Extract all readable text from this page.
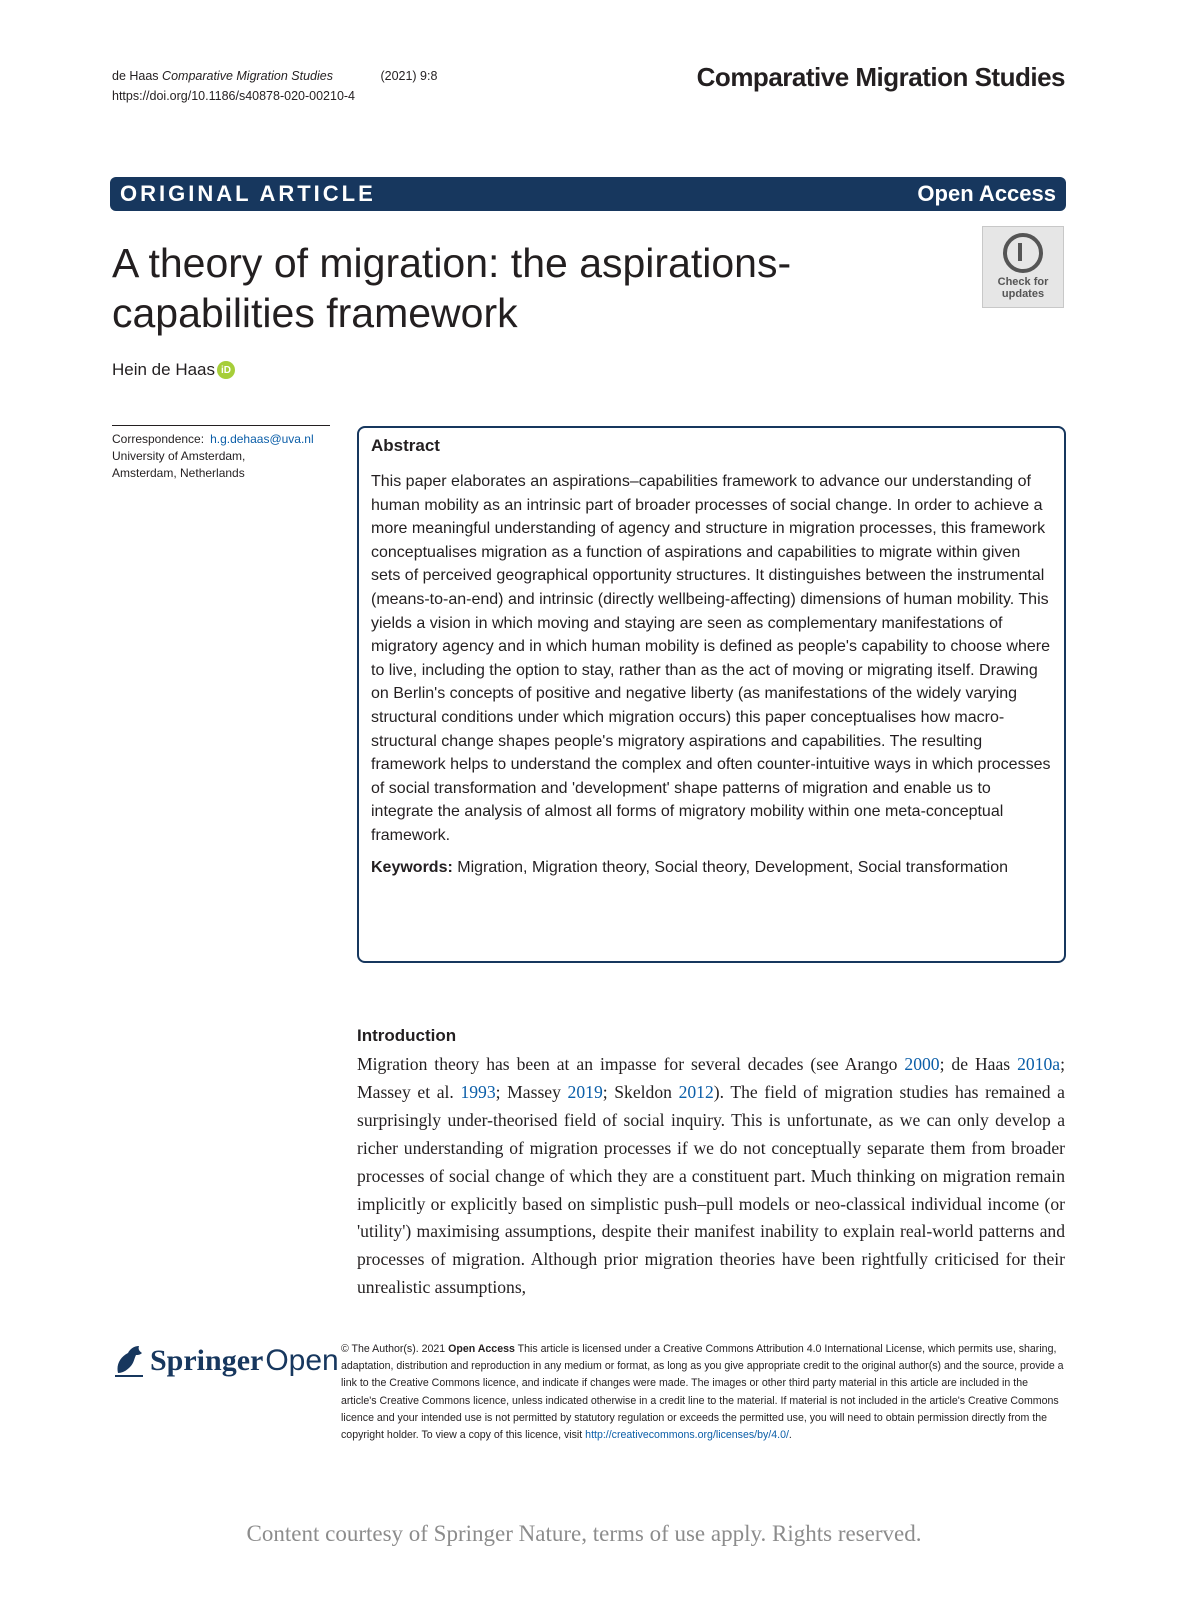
de Haas Comparative Migration Studies	(2021) 9:8
https://doi.org/10.1186/s40878-020-00210-4
Comparative Migration Studies
ORIGINAL ARTICLE	Open Access
A theory of migration: the aspirations-capabilities framework
Check for updates
Hein de Haas iD
Correspondence: h.g.dehaas@uva.nl
University of Amsterdam,
Amsterdam, Netherlands
Abstract

This paper elaborates an aspirations–capabilities framework to advance our understanding of human mobility as an intrinsic part of broader processes of social change. In order to achieve a more meaningful understanding of agency and structure in migration processes, this framework conceptualises migration as a function of aspirations and capabilities to migrate within given sets of perceived geographical opportunity structures. It distinguishes between the instrumental (means-to-an-end) and intrinsic (directly wellbeing-affecting) dimensions of human mobility. This yields a vision in which moving and staying are seen as complementary manifestations of migratory agency and in which human mobility is defined as people's capability to choose where to live, including the option to stay, rather than as the act of moving or migrating itself. Drawing on Berlin's concepts of positive and negative liberty (as manifestations of the widely varying structural conditions under which migration occurs) this paper conceptualises how macro-structural change shapes people's migratory aspirations and capabilities. The resulting framework helps to understand the complex and often counter-intuitive ways in which processes of social transformation and 'development' shape patterns of migration and enable us to integrate the analysis of almost all forms of migratory mobility within one meta-conceptual framework.

Keywords: Migration, Migration theory, Social theory, Development, Social transformation

Introduction

Migration theory has been at an impasse for several decades (see Arango 2000; de Haas 2010a; Massey et al. 1993; Massey 2019; Skeldon 2012). The field of migration studies has remained a surprisingly under-theorised field of social inquiry. This is unfortunate, as we can only develop a richer understanding of migration processes if we do not conceptually separate them from broader processes of social change of which they are a constituent part. Much thinking on migration remain implicitly or explicitly based on simplistic push–pull models or neo-classical individual income (or 'utility') maximising assumptions, despite their manifest inability to explain real-world patterns and processes of migration. Although prior migration theories have been rightfully criticised for their unrealistic assumptions,

Springer Open © The Author(s). 2021 Open Access This article is licensed under a Creative Commons Attribution 4.0 International License, which permits use, sharing, adaptation, distribution and reproduction in any medium or format, as long as you give appropriate credit to the original author(s) and the source, provide a link to the Creative Commons licence, and indicate if changes were made. The images or other third party material in this article are included in the article's Creative Commons licence, unless indicated otherwise in a credit line to the material. If material is not included in the article's Creative Commons licence and your intended use is not permitted by statutory regulation or exceeds the permitted use, you will need to obtain permission directly from the copyright holder. To view a copy of this licence, visit http://creativecommons.org/licenses/by/4.0/.

Content courtesy of Springer Nature, terms of use apply. Rights reserved.
